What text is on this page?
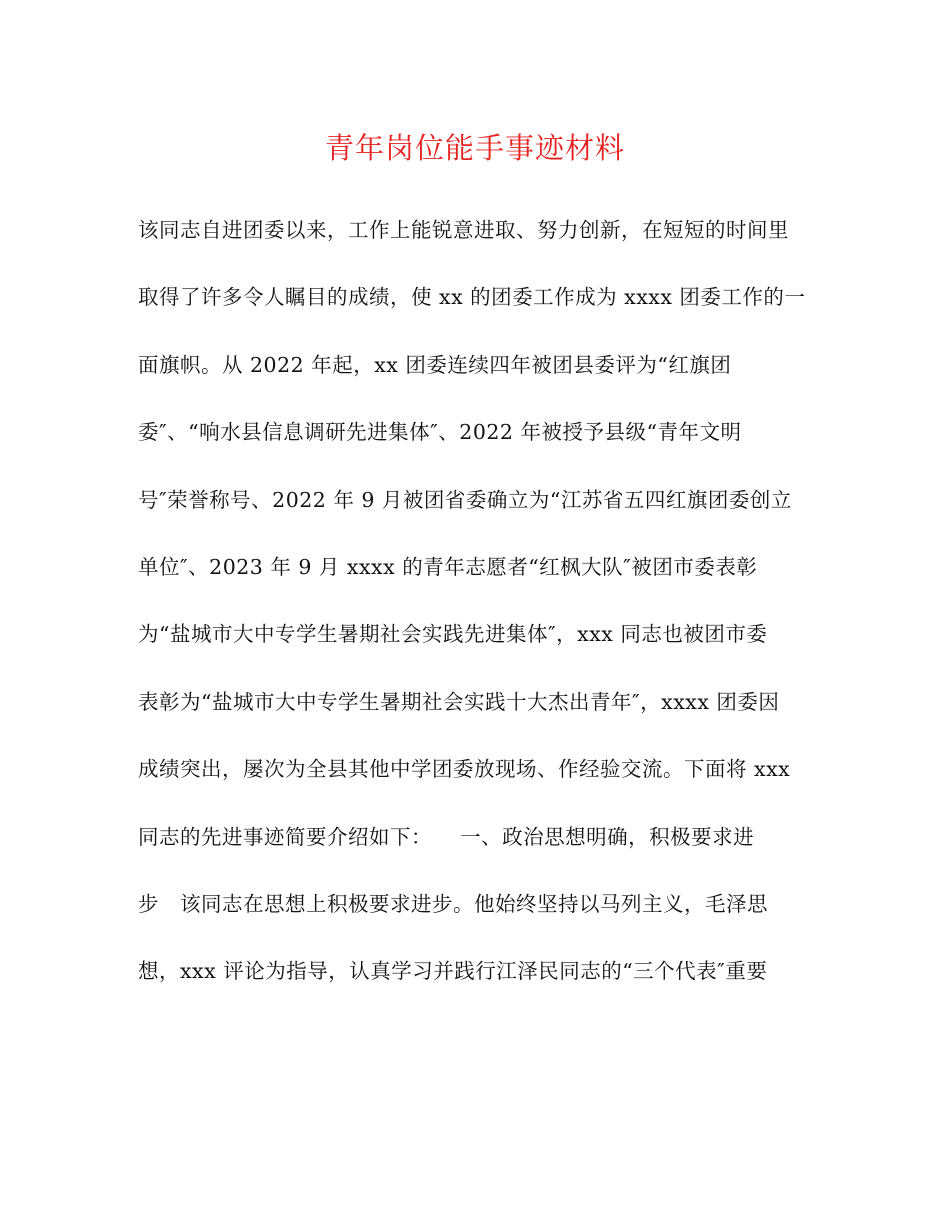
青年岗位能手事迹材料
该同志自进团委以来，工作上能锐意进取、努力创新，在短短的时间里
取得了许多令人瞩目的成绩，使 xx 的团委工作成为 xxxx 团委工作的一
面旗帜。从 2022 年起，xx 团委连续四年被团县委评为“红旗团
委″、“响水县信息调研先进集体″、2022 年被授予县级“青年文明
号″荣誉称号、2022 年 9 月被团省委确立为“江苏省五四红旗团委创立
单位″、2023 年 9 月 xxxx 的青年志愿者“红枫大队″被团市委表彰
为“盐城市大中专学生暑期社会实践先进集体″，xxx 同志也被团市委
表彰为“盐城市大中专学生暑期社会实践十大杰出青年″，xxxx 团委因
成绩突出，屡次为全县其他中学团委放现场、作经验交流。下面将 xxx
同志的先进事迹简要介绍如下：    一、政治思想明确，积极要求进
步   该同志在思想上积极要求进步。他始终坚持以马列主义，毛泽思
想，xxx 评论为指导，认真学习并践行江泽民同志的“三个代表″重要
